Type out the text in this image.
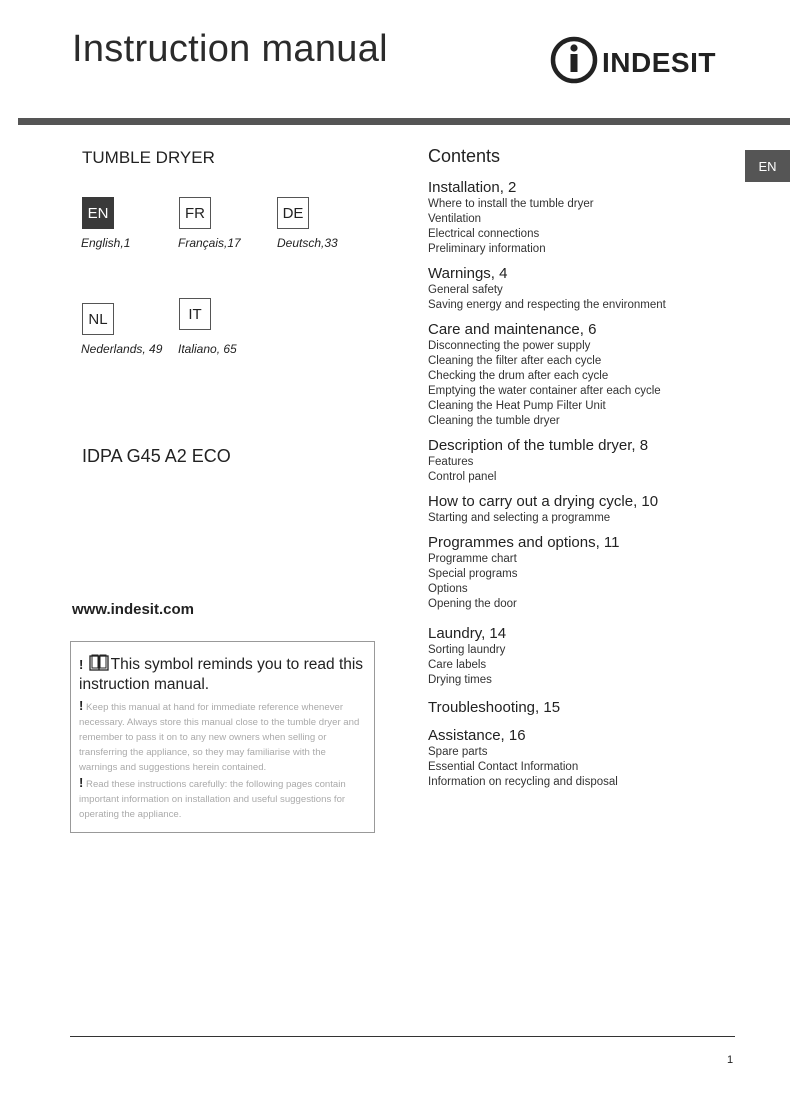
Instruction manual	INDESIT
EN
TUMBLE DRYER
EN
English,1
FR
Français,17
DE
Deutsch,33
NL
Nederlands, 49
IT
Italiano, 65
IDPA G45 A2 ECO
www.indesit.com
! This symbol reminds you to read this instruction manual.

! Keep this manual at hand for immediate reference whenever necessary. Always store this manual close to the tumble dryer and remember to pass it on to any new owners when selling or transferring the appliance, so they may familiarise with the warnings and suggestions herein contained.

! Read these instructions carefully: the following pages contain important information on installation and useful suggestions for operating the appliance.

Contents
Installation, 2
Where to install the tumble dryer
Ventilation
Electrical connections
Preliminary information
Warnings, 4
General safety
Saving energy and respecting the environment
Care and maintenance, 6
Disconnecting the power supply
Cleaning the filter after each cycle
Checking the drum after each cycle
Emptying the water container after each cycle
Cleaning the Heat Pump Filter Unit
Cleaning the tumble dryer
Description of the tumble dryer, 8
Features
Control panel
How to carry out a drying cycle, 10
Starting and selecting a programme
Programmes and options, 11
Programme chart
Special programs
Options
Opening the door
Laundry, 14
Sorting laundry
Care labels
Drying times
Troubleshooting, 15
Assistance, 16
Spare parts
Essential Contact Information
Information on recycling and disposal
1
